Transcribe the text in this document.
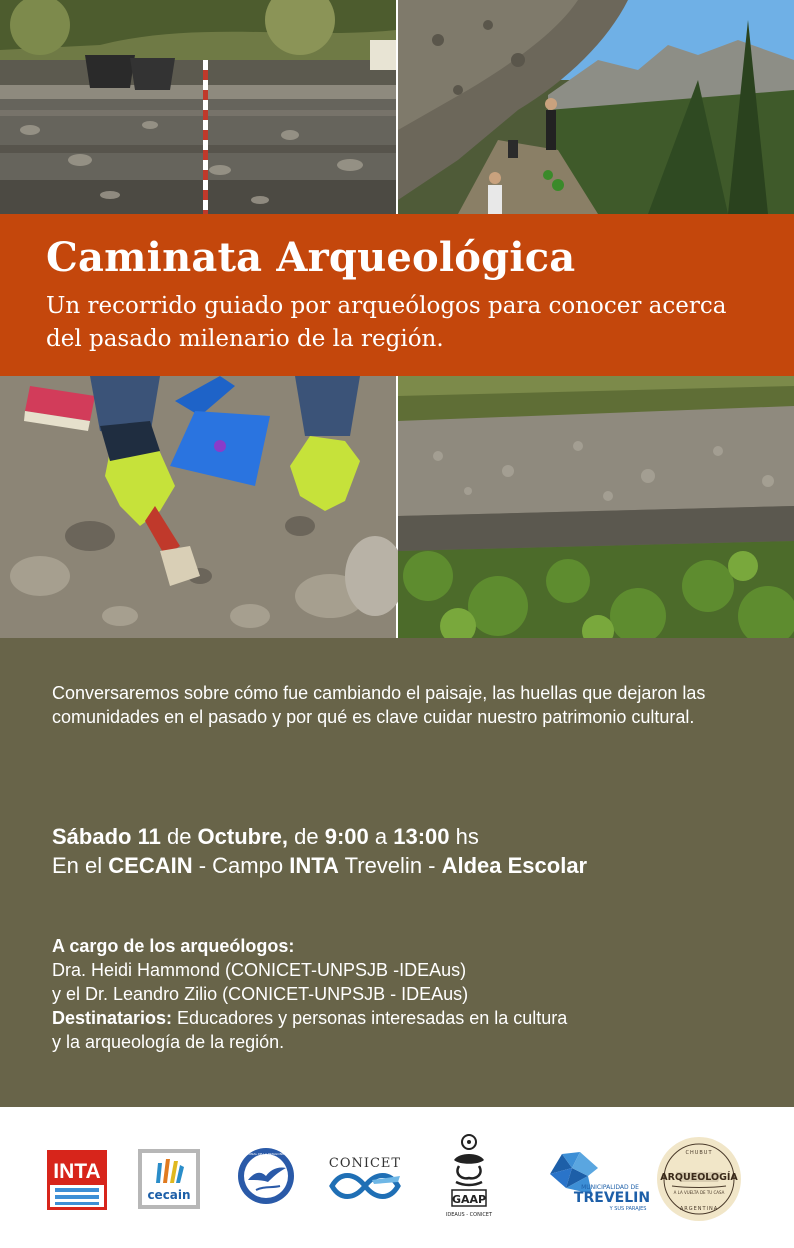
Caminata Arqueológica

Un recorrido guiado por arqueólogos para conocer acerca del pasado milenario de la región.

Conversaremos sobre cómo fue cambiando el paisaje, las huellas que dejaron las comunidades en el pasado y por qué es clave cuidar nuestro patrimonio cultural.

Sábado 11 de Octubre, de 9:00 a 13:00 hs
En el CECAIN - Campo INTA Trevelin - Aldea Escolar
A cargo de los arqueólogos:
Dra. Heidi Hammond (CONICET-UNPSJB -IDEAus)
y el Dr. Leandro Zilio (CONICET-UNPSJB - IDEAus)
Destinatarios: Educadores y personas interesadas en la cultura
y la arqueología de la región.
INTA
cecain
UNIVERSIDAD NACIONAL DE LA PATAGONIA SAN JUAN BOSCO
CONICET
GAAP
IDEAUS - CONICET
MUNICIPALIDAD DE
TREVELIN
Y SUS PARAJES
CHUBUT
ARQUEOLOGÍA
A LA VUELTA DE TU CASA
ARGENTINA
